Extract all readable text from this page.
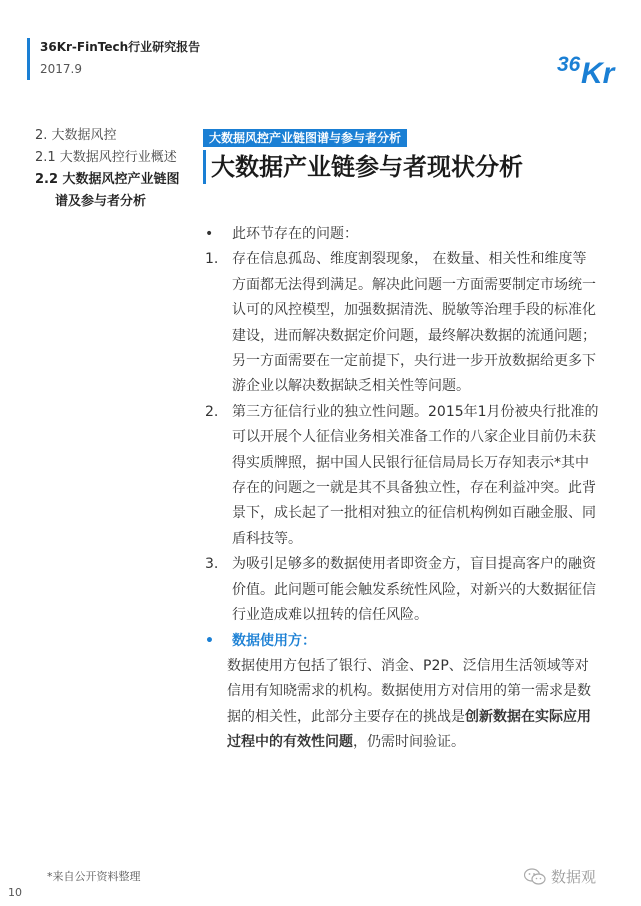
36Kr-FinTech行业研究报告
2017.9	36 Kr
2. 大数据风控
2.1 大数据风控行业概述
2.2 大数据风控产业链图
谱及参与者分析
大数据风控产业链图谱与参与者分析
大数据产业链参与者现状分析
•	此环节存在的问题：
1. 存在信息孤岛、维度割裂现象， 在数量、相关性和维度等方面都无法得到满足。解决此问题一方面需要制定市场统一认可的风控模型，加强数据清洗、脱敏等治理手段的标准化建设，进而解决数据定价问题，最终解决数据的流通问题；另一方面需要在一定前提下，央行进一步开放数据给更多下游企业以解决数据缺乏相关性等问题。
2. 第三方征信行业的独立性问题。2015年1月份被央行批准的可以开展个人征信业务相关准备工作的八家企业目前仍未获得实质牌照，据中国人民银行征信局局长万存知表示*其中存在的问题之一就是其不具备独立性，存在利益冲突。此背景下，成长起了一批相对独立的征信机构例如百融金服、同盾科技等。
3. 为吸引足够多的数据使用者即资金方，盲目提高客户的融资价值。此问题可能会触发系统性风险，对新兴的大数据征信行业造成难以扭转的信任风险。
•	数据使用方：
数据使用方包括了银行、消金、P2P、泛信用生活领域等对信用有知晓需求的机构。数据使用方对信用的第一需求是数据的相关性，此部分主要存在的挑战是创新数据在实际应用过程中的有效性问题，仍需时间验证。
*来自公开资料整理
10
数据观
